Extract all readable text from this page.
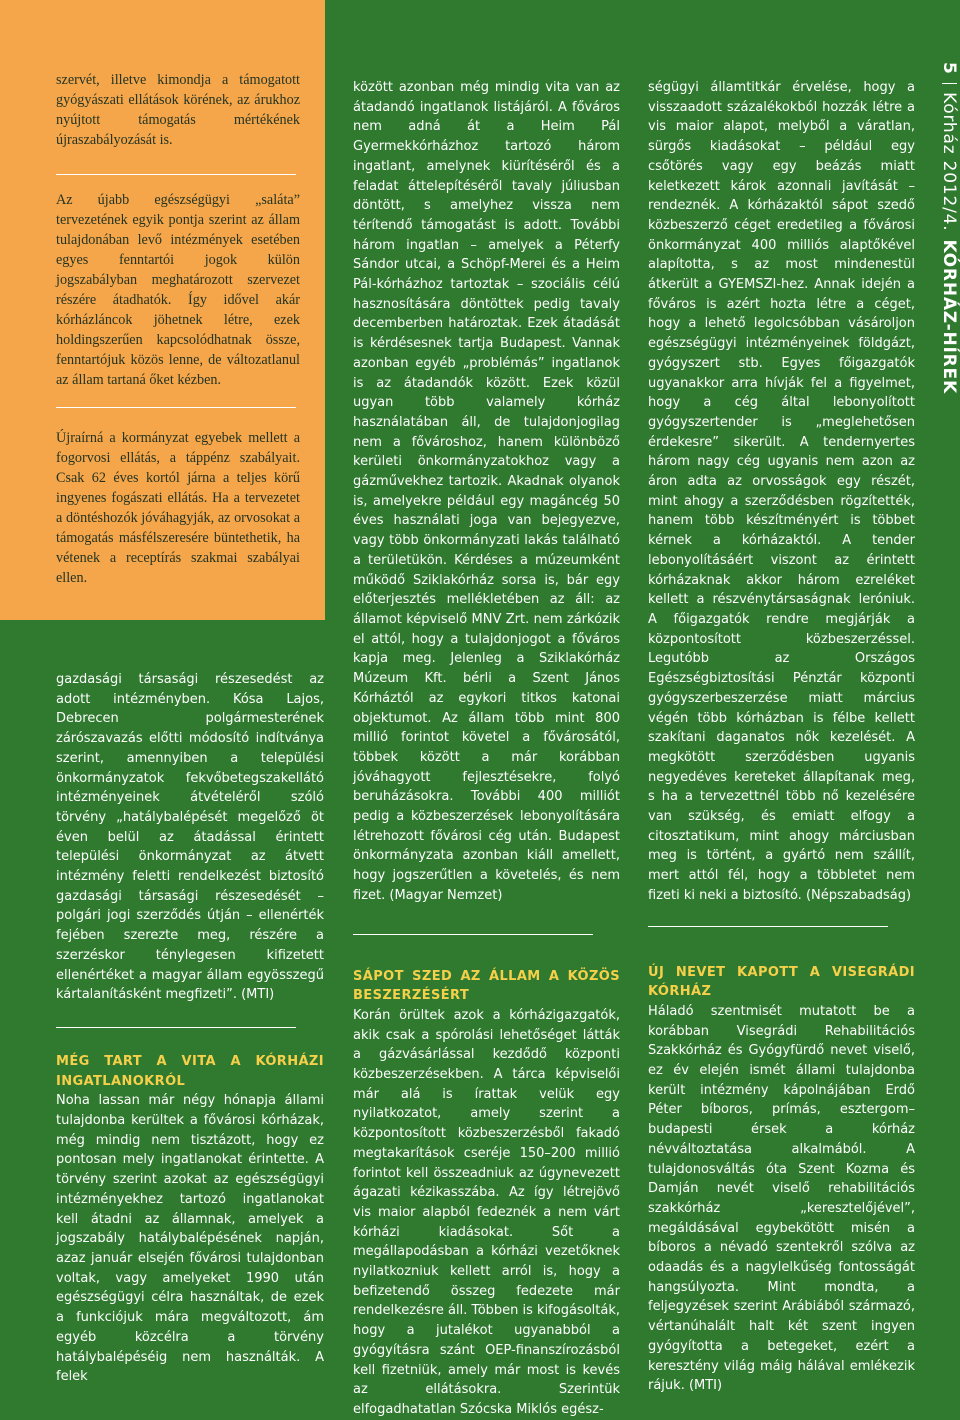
szervét, illetve kimondja a támogatott gyógyászati ellátások körének, az árukhoz nyújtott támogatás mértékének újraszabályozását is.
Az újabb egészségügyi „saláta” tervezetének egyik pontja szerint az állam tulajdonában levő intézmények esetében egyes fenntartói jogok külön jogszabályban meghatározott szervezet részére átadhatók. Így idővel akár kórházláncok jöhetnek létre, ezek holdingszerűen kapcsolódhatnak össze, fenntartójuk közös lenne, de változatlanul az állam tartaná őket kézben.
Újraírná a kormányzat egyebek mellett a fogorvosi ellátás, a táppénz szabályait. Csak 62 éves kortól járna a teljes körű ingyenes fogászati ellátás. Ha a tervezetet a döntéshozók jóváhagyják, az orvosokat a támogatás másfélszeresére büntethetik, ha vétenek a receptírás szakmai szabályai ellen.

gazdasági társasági részesedést az adott intézményben. Kósa Lajos, Debrecen polgármesterének zárószavazás előtti módosító indítványa szerint, amennyiben a települési önkormányzatok fekvőbetegszakellátó intézményeinek átvételéről szóló törvény „hatálybalépését megelőző öt éven belül az átadással érintett települési önkormányzat az átvett intézmény feletti rendelkezést biztosító gazdasági társasági részesedését – polgári jogi szerződés útján – ellenérték fejében szerezte meg, részére a szerzéskor ténylegesen kifizetett ellenértéket a magyar állam egyösszegű kártalanításként megfizeti”. (MTI)

MÉG TART A VITA A KÓRHÁZI INGATLANOKRÓL

Noha lassan már négy hónapja állami tulajdonba kerültek a fővárosi kórházak, még mindig nem tisztázott, hogy ez pontosan mely ingatlanokat érintette. A törvény szerint azokat az egészségügyi intézményekhez tartozó ingatlanokat kell átadni az államnak, amelyek a jogszabály hatálybalépésének napján, azaz január elsején fővárosi tulajdonban voltak, vagy amelyeket 1990 után egészségügyi célra használtak, de ezek a funkciójuk mára megváltozott, ám egyéb közcélra a törvény hatálybalépéséig nem használták. A felek

között azonban még mindig vita van az átadandó ingatlanok listájáról. A főváros nem adná át a Heim Pál Gyermekkórházhoz tartozó három ingatlant, amelynek kiürítéséről és a feladat áttelepítéséről tavaly júliusban döntött, s amelyhez vissza nem térítendő támogatást is adott. További három ingatlan – amelyek a Péterfy Sándor utcai, a Schöpf-Merei és a Heim Pál-kórházhoz tartoztak – szociális célú hasznosítására döntöttek pedig tavaly decemberben határoztak. Ezek átadását is kérdésesnek tartja Budapest. Vannak azonban egyéb „problémás” ingatlanok is az átadandók között. Ezek közül ugyan több valamely kórház használatában áll, de tulajdonjogilag nem a fővároshoz, hanem különböző kerületi önkormányzatokhoz vagy a gázművekhez tartozik. Akadnak olyanok is, amelyekre például egy magáncég 50 éves használati joga van bejegyezve, vagy több önkormányzati lakás található a területükön. Kérdéses a múzeumként működő Sziklakórház sorsa is, bár egy előterjesztés mellékletében az áll: az államot képviselő MNV Zrt. nem zárkózik el attól, hogy a tulajdonjogot a főváros kapja meg. Jelenleg a Sziklakórház Múzeum Kft. bérli a Szent János Kórháztól az egykori titkos katonai objektumot. Az állam több mint 800 millió forintot követel a fővárosától, többek között a már korábban jóváhagyott fejlesztésekre, folyó beruházásokra. További 400 milliót pedig a közbeszerzések lebonyolítására létrehozott fővárosi cég után. Budapest önkormányzata azonban kiáll amellett, hogy jogszerűtlen a követelés, és nem fizet. (Magyar Nemzet)

SÁPOT SZED AZ ÁLLAM A KÖZÖS BESZERZÉSÉRT

Korán örültek azok a kórházigazgatók, akik csak a spórolási lehetőséget látták a gázvásárlással kezdődő központi közbeszerzésekben. A tárca képviselői már alá is írattak velük egy nyilatkozatot, amely szerint a központosított közbeszerzésből fakadó megtakarítások cseréje 150–200 millió forintot kell összeadniuk az úgynevezett ágazati kézikasszába. Az így létrejövő vis maior alapból fedeznék a nem várt kórházi kiadásokat. Sőt a megállapodásban a kórházi vezetőknek nyilatkozniuk kellett arról is, hogy a befizetendő összeg fedezete már rendelkezésre áll. Többen is kifogásolták, hogy a jutalékot ugyanabból a gyógyításra szánt OEP-finanszírozásból kell fizetniük, amely már most is kevés az ellátásokra. Szerintük elfogadhatatlan Szócska Miklós egész-

ségügyi államtitkár érvelése, hogy a visszaadott százalékokból hozzák létre a vis maior alapot, melyből a váratlan, sürgős kiadásokat – például egy csőtörés vagy egy beázás miatt keletkezett károk azonnali javítását – rendeznék. A kórházaktól sápot szedő közbeszerző céget eredetileg a fővárosi önkormányzat 400 milliós alaptőkével alapította, s az most mindenestül átkerült a GYEMSZI-hez. Annak idején a főváros is azért hozta létre a céget, hogy a lehető legolcsóbban vásároljon egészségügyi intézményeinek földgázt, gyógyszert stb. Egyes főigazgatók ugyanakkor arra hívják fel a figyelmet, hogy a cég által lebonyolított gyógyszertender is „meglehetősen érdekesre” sikerült. A tendernyertes három nagy cég ugyanis nem azon az áron adta az orvosságok egy részét, mint ahogy a szerződésben rögzítették, hanem több készítményért is többet kérnek a kórházaktól. A tender lebonyolításáért viszont az érintett kórházaknak akkor három ezreléket kellett a részvénytársaságnak leróniuk. A főigazgatók rendre megjárják a központosított közbeszerzéssel. Legutóbb az Országos Egészségbiztosítási Pénztár központi gyógyszerbeszerzése miatt március végén több kórházban is félbe kellett szakítani daganatos nők kezelését. A megkötött szerződésben ugyanis negyedéves kereteket állapítanak meg, s ha a tervezettnél több nő kezelésére van szükség, és emiatt elfogy a citosztatikum, mint ahogy márciusban meg is történt, a gyártó nem szállít, mert attól fél, hogy a többletet nem fizeti ki neki a biztosító. (Népszabadság)

ÚJ NEVET KAPOTT A VISEGRÁDI KÓRHÁZ

Háladó szentmisét mutatott be a korábban Visegrádi Rehabilitációs Szakkórház és Gyógyfürdő nevet viselő, ez év elején ismét állami tulajdonba került intézmény kápolnájában Erdő Péter bíboros, prímás, esztergom–budapesti érsek a kórház névváltoztatása alkalmából. A tulajdonosváltás óta Szent Kozma és Damján nevét viselő rehabilitációs szakkórház „keresztelőjével”, megáldásával egybekötött misén a bíboros a névadó szentekről szólva az odaadás és a nagylelkűség fontosságát hangsúlyozta. Mint mondta, a feljegyzések szerint Arábiából származó, vértanúhalált halt két szent ingyen gyógyította a betegeket, ezért a keresztény világ máig hálával emlékezik rájuk. (MTI)

5Kórház 2012/4.KÓRHÁZ-HÍREK
